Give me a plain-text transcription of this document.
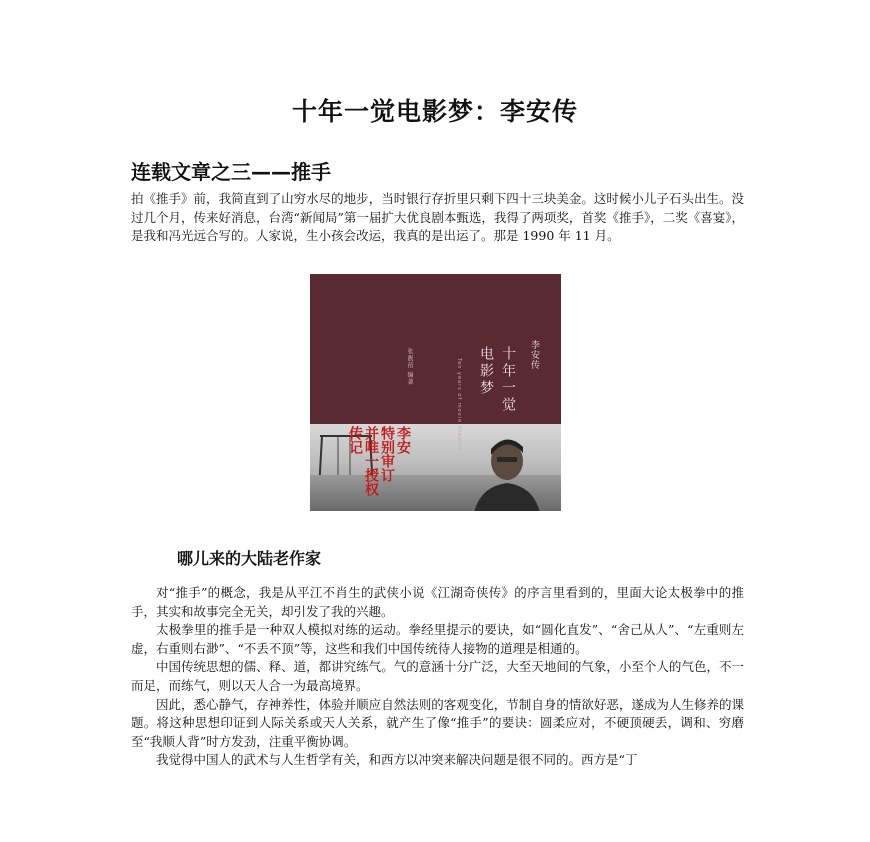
十年一觉电影梦：李安传
连载文章之三——推手

拍《推手》前，我简直到了山穷水尽的地步，当时银行存折里只剩下四十三块美金。这时候小儿子石头出生。没过几个月，传来好消息，台湾“新闻局”第一届扩大优良剧本甄选，我得了两项奖，首奖《推手》，二奖《喜宴》，是我和冯光远合写的。人家说，生小孩会改运，我真的是出运了。那是 1990 年 11 月。

李安传
十年一觉
电影梦
Ten years of movie dreams
张靓蓓 编著
李安
特别审订
并唯一授权
传记
哪儿来的大陆老作家

对“推手”的概念，我是从平江不肖生的武侠小说《江湖奇侠传》的序言里看到的，里面大论太极拳中的推手，其实和故事完全无关，却引发了我的兴趣。

太极拳里的推手是一种双人模拟对练的运动。拳经里提示的要诀，如“圆化直发”、“舍己从人”、“左重则左虚，右重则右渺”、“不丢不顶”等，这些和我们中国传统待人接物的道理是相通的。

中国传统思想的儒、释、道，都讲究练气。气的意涵十分广泛，大至天地间的气象，小至个人的气色，不一而足，而练气，则以天人合一为最高境界。

因此，悉心静气，存神养性，体验并顺应自然法则的客观变化，节制自身的情欲好恶，遂成为人生修养的课题。将这种思想印证到人际关系或天人关系，就产生了像“推手”的要诀：圆柔应对，不硬顶硬丢，调和、穷磨至“我顺人背”时方发劲，注重平衡协调。

我觉得中国人的武术与人生哲学有关，和西方以冲突来解决问题是很不同的。西方是“丁
